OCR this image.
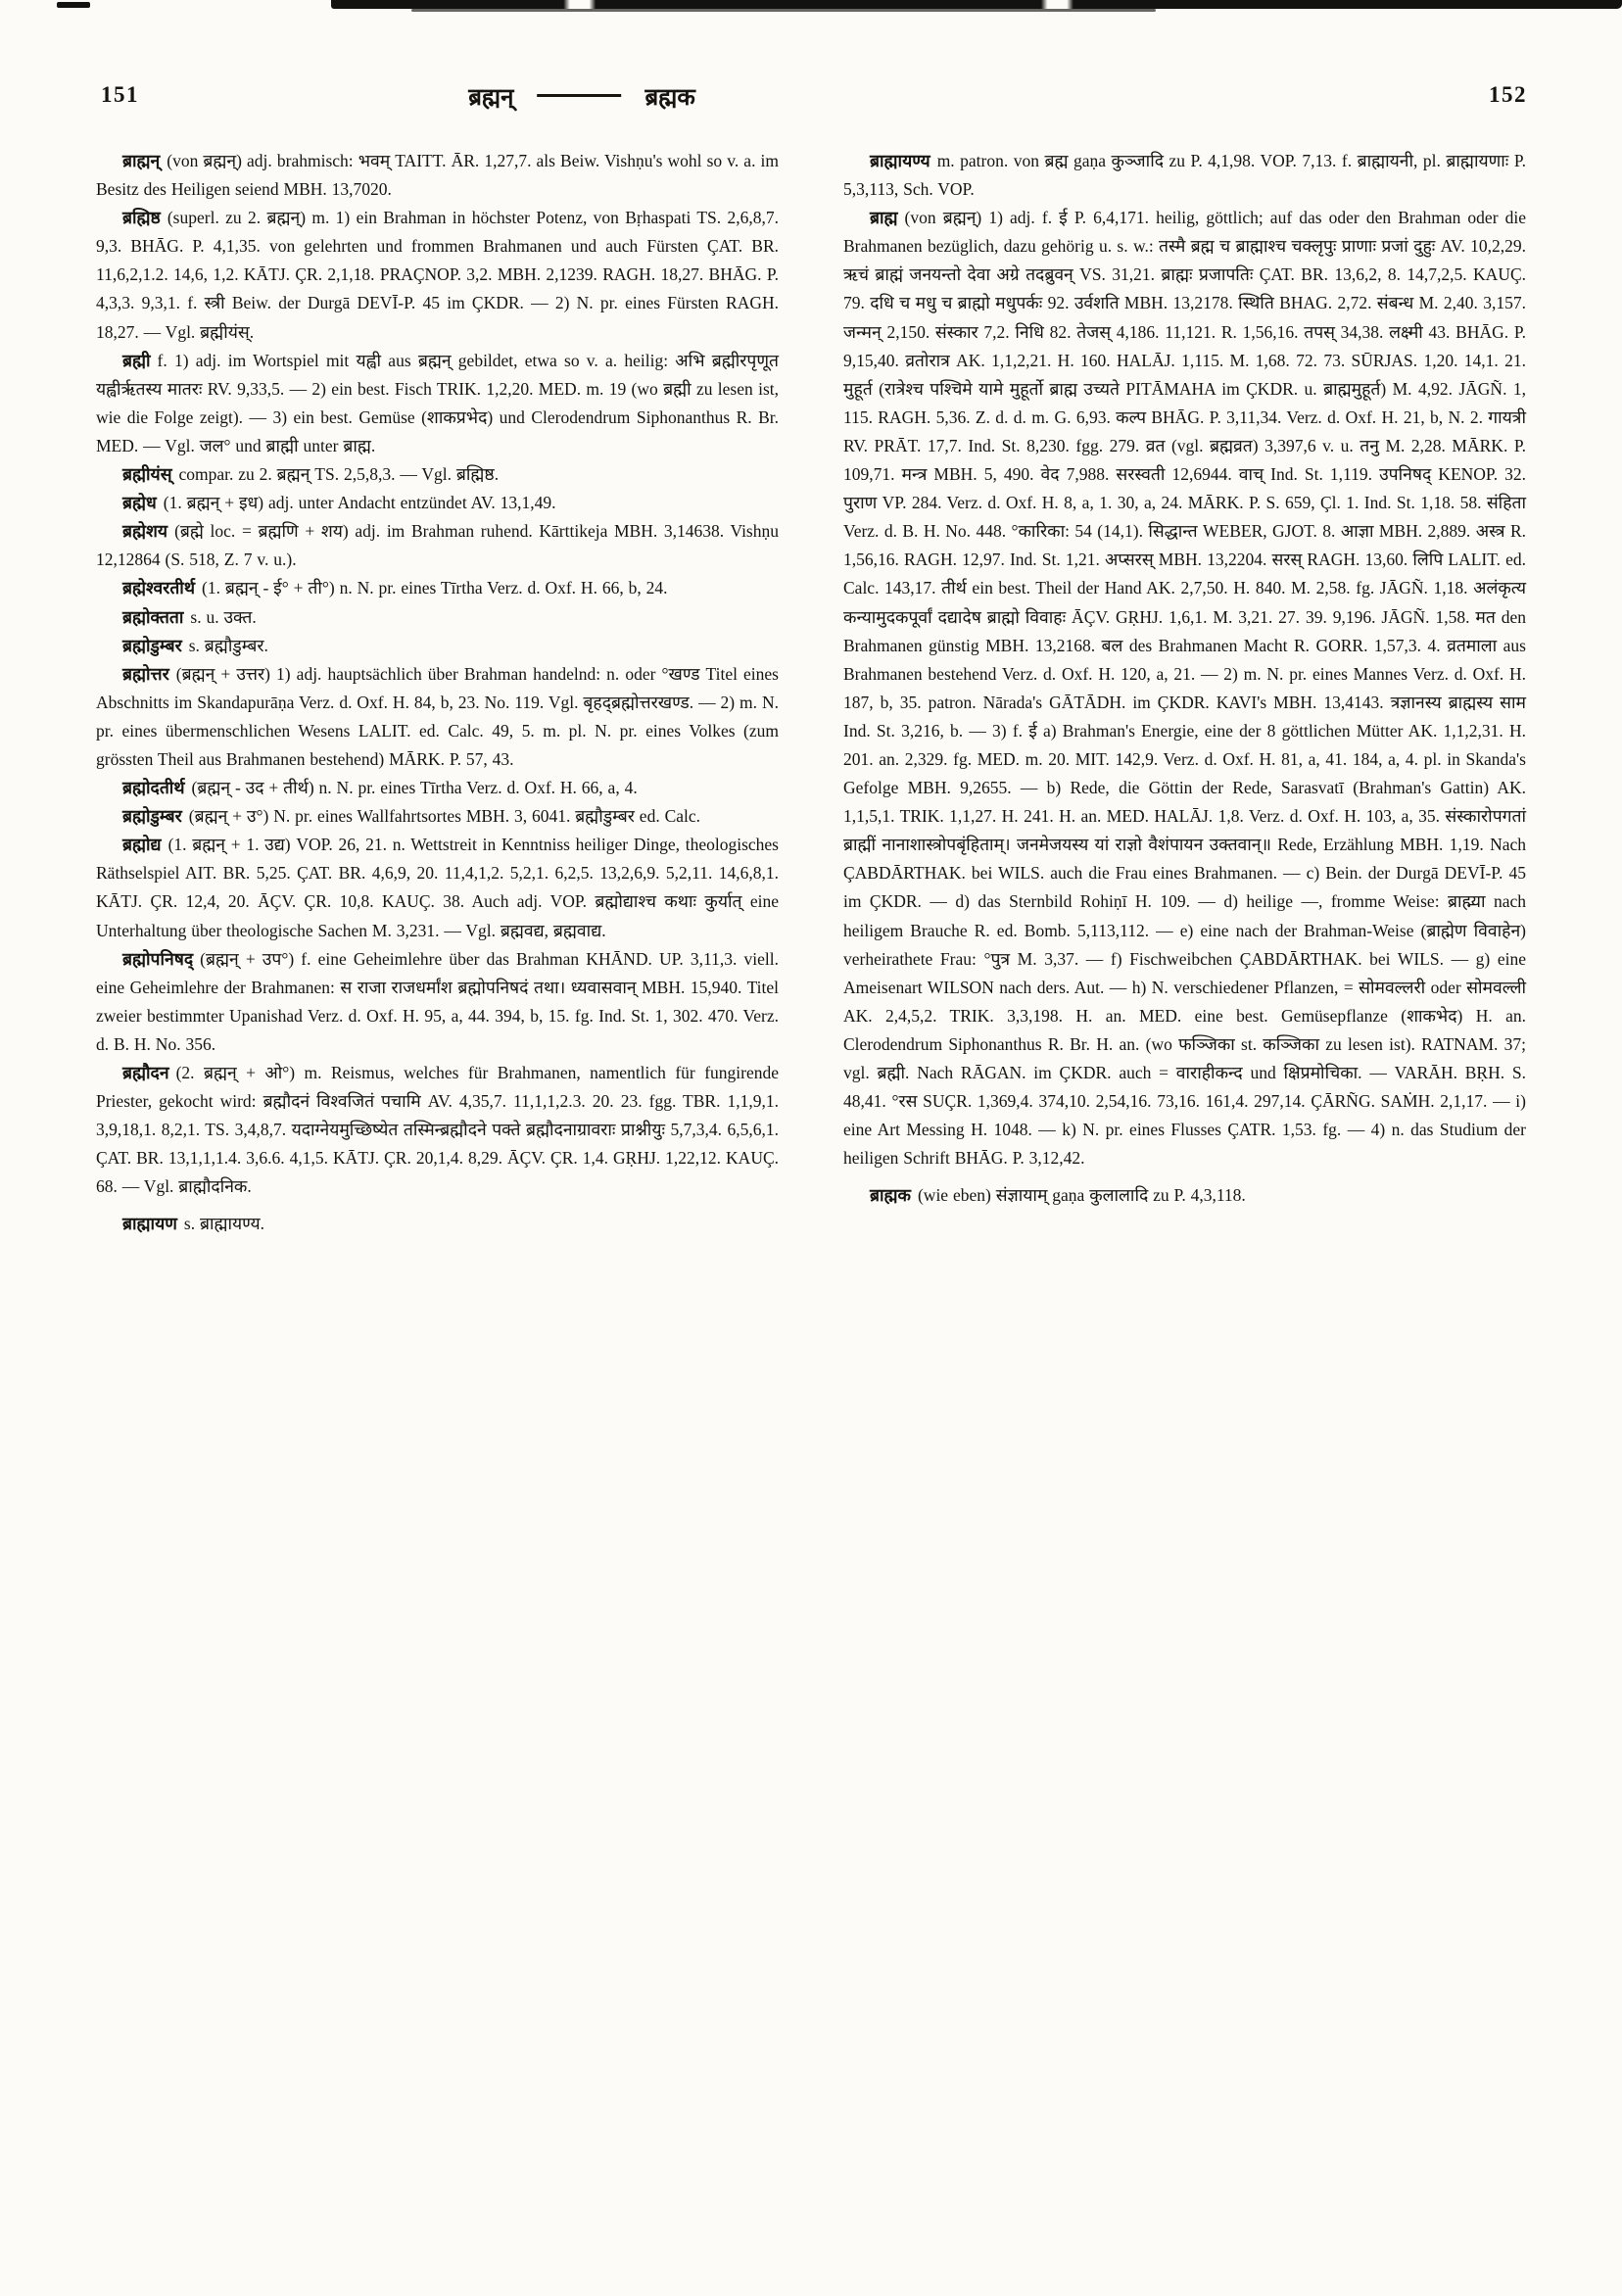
151	ब्रह्मन्	ब्रह्मक	152

ब्राह्मन् (von ब्रह्मन्) adj. brahmisch: भवम् TAITT. ĀR. 1,27,7. als Beiw. Vishṇu's wohl so v. a. im Besitz des Heiligen seiend MBH. 13,7020.

ब्रह्मिष्ठ (superl. zu 2. ब्रह्मन्) m. 1) ein Brahman in höchster Potenz, von Bṛhaspati TS. 2,6,8,7. 9,3. BHĀG. P. 4,1,35. von gelehrten und frommen Brahmanen und auch Fürsten ÇAT. BR. 11,6,2,1.2. 14,6, 1,2. KĀTJ. ÇR. 2,1,18. PRAÇNOP. 3,2. MBH. 2,1239. RAGH. 18,27. BHĀG. P. 4,3,3. 9,3,1. f. स्त्री Beiw. der Durgā DEVĪ-P. 45 im ÇKDR. — 2) N. pr. eines Fürsten RAGH. 18,27. — Vgl. ब्रह्मीयंस्.

ब्रह्मी f. 1) adj. im Wortspiel mit यह्वी aus ब्रह्मन् gebildet, etwa so v. a. heilig: अभि ब्रह्मीरपृणूत यह्वीर्ऋतस्य मातरः RV. 9,33,5. — 2) ein best. Fisch TRIK. 1,2,20. MED. m. 19 (wo ब्रह्मी zu lesen ist, wie die Folge zeigt). — 3) ein best. Gemüse (शाकप्रभेद) und Clerodendrum Siphonanthus R. Br. MED. — Vgl. जल° und ब्राह्मी unter ब्राह्म.

ब्रह्मीयंस् compar. zu 2. ब्रह्मन् TS. 2,5,8,3. — Vgl. ब्रह्मिष्ठ.

ब्रह्मेध (1. ब्रह्मन् + इध) adj. unter Andacht entzündet AV. 13,1,49.

ब्रह्मेशय (ब्रह्मे loc. = ब्रह्मणि + शय) adj. im Brahman ruhend. Kārttikeja MBH. 3,14638. Vishṇu 12,12864 (S. 518, Z. 7 v. u.).

ब्रह्मेश्वरतीर्थ (1. ब्रह्मन् - ई° + ती°) n. N. pr. eines Tīrtha Verz. d. Oxf. H. 66, b, 24.

ब्रह्मोक्तता s. u. उक्त.

ब्रह्मोडुम्बर s. ब्रह्मौडुम्बर.

ब्रह्मोत्तर (ब्रह्मन् + उत्तर) 1) adj. hauptsächlich über Brahman handelnd: n. oder °खण्ड Titel eines Abschnitts im Skandapurāṇa Verz. d. Oxf. H. 84, b, 23. No. 119. Vgl. बृहद्ब्रह्मोत्तरखण्ड. — 2) m. N. pr. eines übermenschlichen Wesens LALIT. ed. Calc. 49, 5. m. pl. N. pr. eines Volkes (zum grössten Theil aus Brahmanen bestehend) MĀRK. P. 57, 43.

ब्रह्मोदतीर्थ (ब्रह्मन् - उद + तीर्थ) n. N. pr. eines Tīrtha Verz. d. Oxf. H. 66, a, 4.

ब्रह्मोडुम्बर (ब्रह्मन् + उ°) N. pr. eines Wallfahrtsortes MBH. 3, 6041. ब्रह्मौडुम्बर ed. Calc.

ब्रह्मोद्य (1. ब्रह्मन् + 1. उद्य) VOP. 26, 21. n. Wettstreit in Kenntniss heiliger Dinge, theologisches Räthselspiel AIT. BR. 5,25. ÇAT. BR. 4,6,9, 20. 11,4,1,2. 5,2,1. 6,2,5. 13,2,6,9. 5,2,11. 14,6,8,1. KĀTJ. ÇR. 12,4, 20. ĀÇV. ÇR. 10,8. KAUÇ. 38. Auch adj. VOP. ब्रह्मोद्याश्च कथाः कुर्यात् eine Unterhaltung über theologische Sachen M. 3,231. — Vgl. ब्रह्मवद्य, ब्रह्मवाद्य.

ब्रह्मोपनिषद् (ब्रह्मन् + उप°) f. eine Geheimlehre über das Brahman KHĀND. UP. 3,11,3. viell. eine Geheimlehre der Brahmanen: स राजा राजधर्मांश ब्रह्मोपनिषदं तथा। ध्यवासवान् MBH. 15,940. Titel zweier bestimmter Upanishad Verz. d. Oxf. H. 95, a, 44. 394, b, 15. fg. Ind. St. 1, 302. 470. Verz. d. B. H. No. 356.

ब्रह्मौदन (2. ब्रह्मन् + ओ°) m. Reismus, welches für Brahmanen, namentlich für fungirende Priester, gekocht wird: ब्रह्मौदनं विश्वजितं पचामि AV. 4,35,7. 11,1,1,2.3. 20. 23. fgg. TBR. 1,1,9,1. 3,9,18,1. 8,2,1. TS. 3,4,8,7. यदाग्नेयमुच्छिष्येत तस्मिन्ब्रह्मौदने पक्ते ब्रह्मौदनाग्रावराः प्राश्नीयुः 5,7,3,4. 6,5,6,1. ÇAT. BR. 13,1,1,1.4. 3,6.6. 4,1,5. KĀTJ. ÇR. 20,1,4. 8,29. ĀÇV. ÇR. 1,4. GṚHJ. 1,22,12. KAUÇ. 68. — Vgl. ब्राह्मौदनिक.

ब्राह्मायण s. ब्राह्मायण्य.

ब्राह्मायण्य m. patron. von ब्रह्म gaṇa कुञ्जादि zu P. 4,1,98. VOP. 7,13. f. ब्राह्मायनी, pl. ब्राह्मायणाः P. 5,3,113, Sch. VOP.

ब्राह्म (von ब्रह्मन्) 1) adj. f. ई P. 6,4,171. heilig, göttlich; auf das oder den Brahman oder die Brahmanen bezüglich, dazu gehörig u. s. w.: तस्मै ब्रह्म च ब्राह्माश्च चक्लृपुः प्राणाः प्रजां दुहुः AV. 10,2,29. ऋचं ब्राह्मं जनयन्तो देवा अग्रे तदब्रुवन् VS. 31,21. ब्राह्मः प्रजापतिः ÇAT. BR. 13,6,2, 8. 14,7,2,5. KAUÇ. 79. दधि च मधु च ब्राह्मो मधुपर्कः 92. उर्वशति MBH. 13,2178. स्थिति BHAG. 2,72. संबन्ध M. 2,40. 3,157. जन्मन् 2,150. संस्कार 7,2. निधि 82. तेजस् 4,186. 11,121. R. 1,56,16. तपस् 34,38. लक्ष्मी 43. BHĀG. P. 9,15,40. व्रतोरात्र AK. 1,1,2,21. H. 160. HALĀJ. 1,115. M. 1,68. 72. 73. SŪRJAS. 1,20. 14,1. 21. मुहूर्त (रात्रेश्च पश्चिमे यामे मुहूर्तो ब्राह्म उच्यते PITĀMAHA im ÇKDR. u. ब्राह्ममुहूर्त) M. 4,92. JĀGÑ. 1, 115. RAGH. 5,36. Z. d. d. m. G. 6,93. कल्प BHĀG. P. 3,11,34. Verz. d. Oxf. H. 21, b, N. 2. गायत्री RV. PRĀT. 17,7. Ind. St. 8,230. fgg. 279. व्रत (vgl. ब्रह्मव्रत) 3,397,6 v. u. तनु M. 2,28. MĀRK. P. 109,71. मन्त्र MBH. 5, 490. वेद 7,988. सरस्वती 12,6944. वाच् Ind. St. 1,119. उपनिषद् KENOP. 32. पुराण VP. 284. Verz. d. Oxf. H. 8, a, 1. 30, a, 24. MĀRK. P. S. 659, Çl. 1. Ind. St. 1,18. 58. संहिता Verz. d. B. H. No. 448. °कारिका: 54 (14,1). सिद्धान्त WEBER, GJOT. 8. आज्ञा MBH. 2,889. अस्त्र R. 1,56,16. RAGH. 12,97. Ind. St. 1,21. अप्सरस् MBH. 13,2204. सरस् RAGH. 13,60. लिपि LALIT. ed. Calc. 143,17. तीर्थ ein best. Theil der Hand AK. 2,7,50. H. 840. M. 2,58. fg. JĀGÑ. 1,18. अलंकृत्य कन्यामुदकपूर्वां दद्यादेष ब्राह्मो विवाहः ĀÇV. GṚHJ. 1,6,1. M. 3,21. 27. 39. 9,196. JĀGÑ. 1,58. मत den Brahmanen günstig MBH. 13,2168. बल des Brahmanen Macht R. GORR. 1,57,3. 4. व्रतमाला aus Brahmanen bestehend Verz. d. Oxf. H. 120, a, 21. — 2) m. N. pr. eines Mannes Verz. d. Oxf. H. 187, b, 35. patron. Nārada's GĀTĀDH. im ÇKDR. KAVI's MBH. 13,4143. त्रज्ञानस्य ब्राह्मस्य साम Ind. St. 3,216, b. — 3) f. ई a) Brahman's Energie, eine der 8 göttlichen Mütter AK. 1,1,2,31. H. 201. an. 2,329. fg. MED. m. 20. MIT. 142,9. Verz. d. Oxf. H. 81, a, 41. 184, a, 4. pl. in Skanda's Gefolge MBH. 9,2655. — b) Rede, die Göttin der Rede, Sarasvatī (Brahman's Gattin) AK. 1,1,5,1. TRIK. 1,1,27. H. 241. H. an. MED. HALĀJ. 1,8. Verz. d. Oxf. H. 103, a, 35. संस्कारोपगतां ब्राह्मीं नानाशास्त्रोपबृंहिताम्। जनमेजयस्य यां राज्ञो वैशंपायन उक्तवान्॥ Rede, Erzählung MBH. 1,19. Nach ÇABDĀRTHAK. bei WILS. auch die Frau eines Brahmanen. — c) Bein. der Durgā DEVĪ-P. 45 im ÇKDR. — d) das Sternbild Rohiṇī H. 109. — d) heilige —, fromme Weise: ब्राह्म्या nach heiligem Brauche R. ed. Bomb. 5,113,112. — e) eine nach der Brahman-Weise (ब्राह्मेण विवाहेन) verheirathete Frau: °पुत्र M. 3,37. — f) Fischweibchen ÇABDĀRTHAK. bei WILS. — g) eine Ameisenart WILSON nach ders. Aut. — h) N. verschiedener Pflanzen, = सोमवल्लरी oder सोमवल्ली AK. 2,4,5,2. TRIK. 3,3,198. H. an. MED. eine best. Gemüsepflanze (शाकभेद) H. an. Clerodendrum Siphonanthus R. Br. H. an. (wo फञ्जिका st. कञ्जिका zu lesen ist). RATNAM. 37; vgl. ब्रह्मी. Nach RĀGAN. im ÇKDR. auch = वाराहीकन्द und क्षिप्रमोचिका. — VARĀH. BṚH. S. 48,41. °रस SUÇR. 1,369,4. 374,10. 2,54,16. 73,16. 161,4. 297,14. ÇĀRÑG. SAṀH. 2,1,17. — i) eine Art Messing H. 1048. — k) N. pr. eines Flusses ÇATR. 1,53. fg. — 4) n. das Studium der heiligen Schrift BHĀG. P. 3,12,42.

ब्राह्मक (wie eben) संज्ञायाम् gaṇa कुलालादि zu P. 4,3,118.
